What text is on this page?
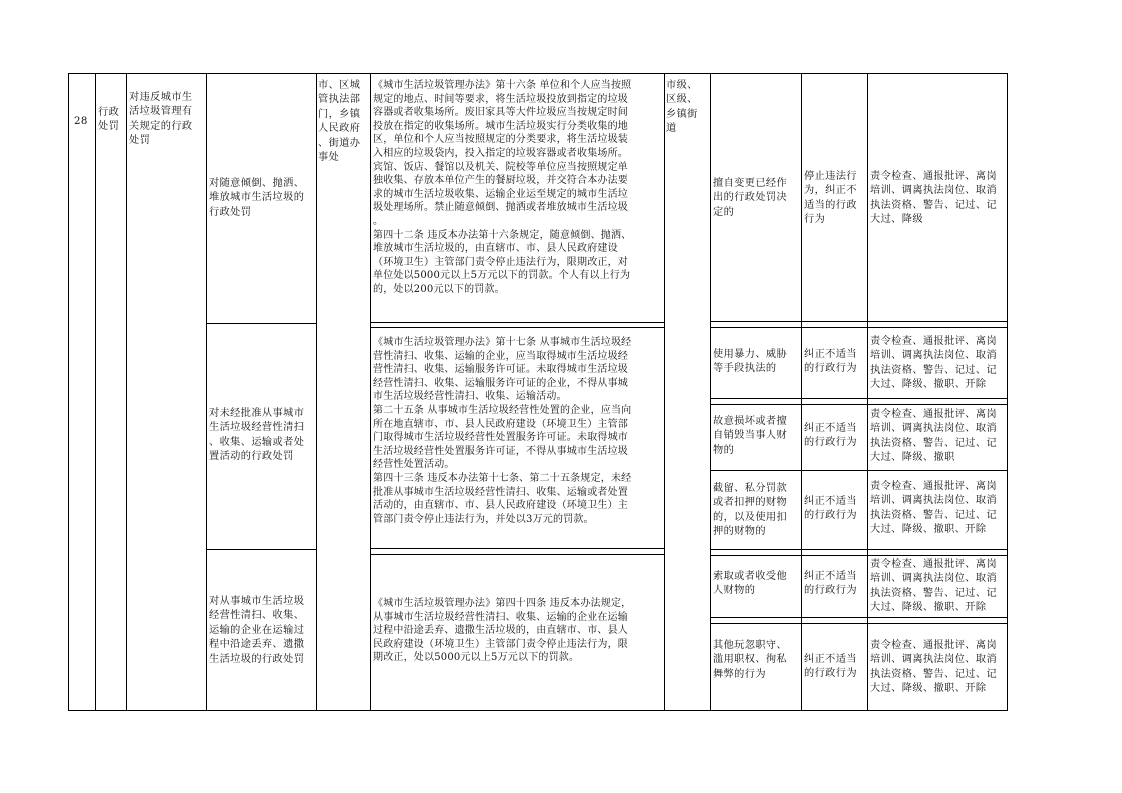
28
行政
处罚
对违反城市生
活垃圾管理有
关规定的行政
处罚
对随意倾倒、抛洒、
堆放城市生活垃圾的
行政处罚
对未经批准从事城市
生活垃圾经营性清扫
、收集、运输或者处
置活动的行政处罚
对从事城市生活垃圾
经营性清扫、收集、
运输的企业在运输过
程中沿途丢弃、遗撒
生活垃圾的行政处罚
市、区城
管执法部
门，乡镇
人民政府
、街道办
事处
《城市生活垃圾管理办法》第十六条 单位和个人应当按照
规定的地点、时间等要求，将生活垃圾投放到指定的垃圾
容器或者收集场所。废旧家具等大件垃圾应当按规定时间
投放在指定的收集场所。城市生活垃圾实行分类收集的地
区，单位和个人应当按照规定的分类要求，将生活垃圾装
入相应的垃圾袋内，投入指定的垃圾容器或者收集场所。
宾馆、饭店、餐馆以及机关、院校等单位应当按照规定单
独收集、存放本单位产生的餐厨垃圾，并交符合本办法要
求的城市生活垃圾收集、运输企业运至规定的城市生活垃
圾处理场所。禁止随意倾倒、抛洒或者堆放城市生活垃圾
。
第四十二条 违反本办法第十六条规定，随意倾倒、抛洒、
堆放城市生活垃圾的，由直辖市、市、县人民政府建设
（环境卫生）主管部门责令停止违法行为，限期改正，对
单位处以5000元以上5万元以下的罚款。个人有以上行为
的，处以200元以下的罚款。
《城市生活垃圾管理办法》第十七条 从事城市生活垃圾经
营性清扫、收集、运输的企业，应当取得城市生活垃圾经
营性清扫、收集、运输服务许可证。未取得城市生活垃圾
经营性清扫、收集、运输服务许可证的企业，不得从事城
市生活垃圾经营性清扫、收集、运输活动。
第二十五条 从事城市生活垃圾经营性处置的企业，应当向
所在地直辖市、市、县人民政府建设（环境卫生）主管部
门取得城市生活垃圾经营性处置服务许可证。未取得城市
生活垃圾经营性处置服务许可证，不得从事城市生活垃圾
经营性处置活动。
第四十三条 违反本办法第十七条、第二十五条规定，未经
批准从事城市生活垃圾经营性清扫、收集、运输或者处置
活动的，由直辖市、市、县人民政府建设（环境卫生）主
管部门责令停止违法行为，并处以3万元的罚款。
《城市生活垃圾管理办法》第四十四条 违反本办法规定，
从事城市生活垃圾经营性清扫、收集、运输的企业在运输
过程中沿途丢弃、遗撒生活垃圾的，由直辖市、市、县人
民政府建设（环境卫生）主管部门责令停止违法行为，限
期改正，处以5000元以上5万元以下的罚款。
市级、
区级、
乡镇街
道
擅自变更已经作
出的行政处罚决
定的
停止违法行
为，纠正不
适当的行政
行为
责令检查、通报批评、离岗
培训、调离执法岗位、取消
执法资格、警告、记过、记
大过、降级
使用暴力、威胁
等手段执法的
纠正不适当
的行政行为
责令检查、通报批评、离岗
培训、调离执法岗位、取消
执法资格、警告、记过、记
大过、降级、撤职、开除
故意损坏或者擅
自销毁当事人财
物的
纠正不适当
的行政行为
责令检查、通报批评、离岗
培训、调离执法岗位、取消
执法资格、警告、记过、记
大过、降级、撤职
截留、私分罚款
或者扣押的财物
的，以及使用扣
押的财物的
纠正不适当
的行政行为
责令检查、通报批评、离岗
培训、调离执法岗位、取消
执法资格、警告、记过、记
大过、降级、撤职、开除
索取或者收受他
人财物的
纠正不适当
的行政行为
责令检查、通报批评、离岗
培训、调离执法岗位、取消
执法资格、警告、记过、记
大过、降级、撤职、开除
其他玩忽职守、
滥用职权、徇私
舞弊的行为
纠正不适当
的行政行为
责令检查、通报批评、离岗
培训、调离执法岗位、取消
执法资格、警告、记过、记
大过、降级、撤职、开除
